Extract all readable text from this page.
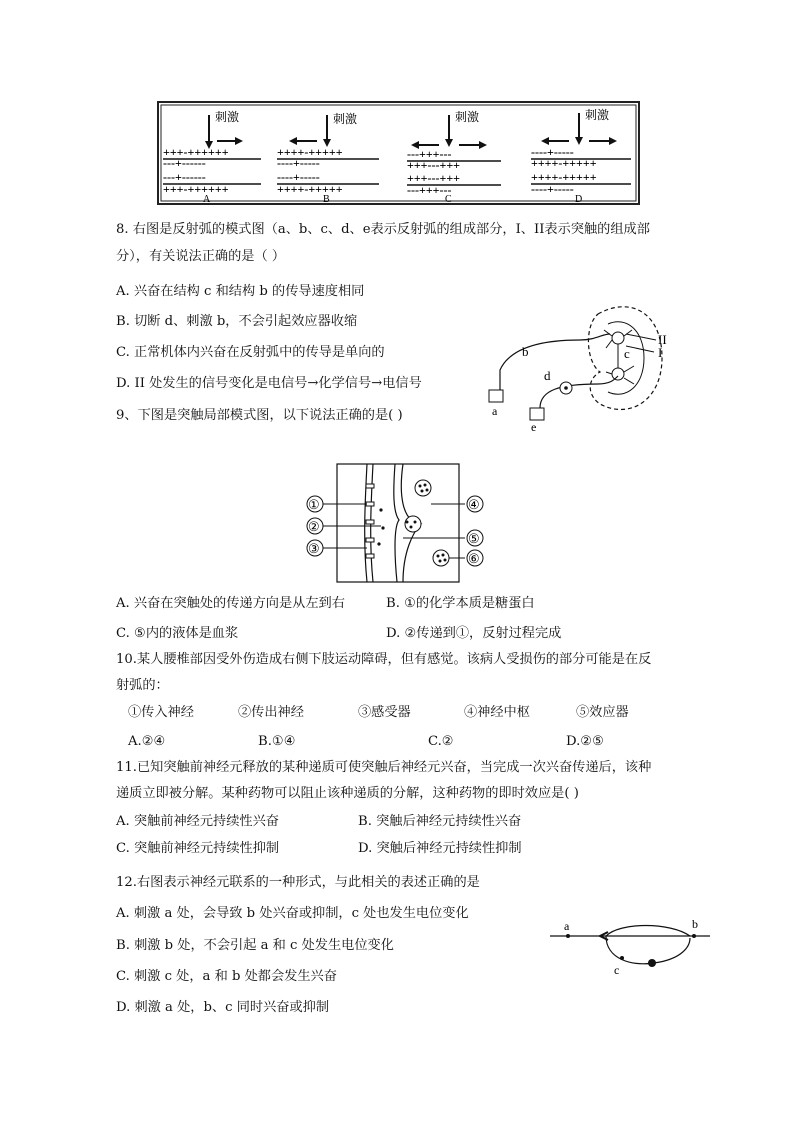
刺激
+++-++++++
---+------
---+------
+++-++++++
A
刺激
++++-+++++
----+-----
----+-----
++++-+++++
B
刺激
---+++---
+++---+++
+++---+++
---+++---
C
刺激
----+-----
++++-+++++
++++-+++++
----+-----
D
8. 右图是反射弧的模式图（a、b、c、d、e表示反射弧的组成部分，I、II表示突触的组成部
分），有关说法正确的是（ ）
A. 兴奋在结构 c 和结构 b 的传导速度相同
B. 切断 d、刺激 b，不会引起效应器收缩
C. 正常机体内兴奋在反射弧中的传导是单向的
D. II 处发生的信号变化是电信号→化学信号→电信号
II
I
c
b
a
d
e
9、下图是突触局部模式图，以下说法正确的是( )
①
②
③
④
⑤
⑥
A. 兴奋在突触处的传递方向是从左到右	B. ①的化学本质是糖蛋白
C. ⑤内的液体是血浆	D. ②传递到①，反射过程完成
10.某人腰椎部因受外伤造成右侧下肢运动障碍，但有感觉。该病人受损伤的部分可能是在反
射弧的：
①传入神经	②传出神经	③感受器	④神经中枢	⑤效应器
A.②④	B.①④	C.②	D.②⑤
11.已知突触前神经元释放的某种递质可使突触后神经元兴奋，当完成一次兴奋传递后，该种
递质立即被分解。某种药物可以阻止该种递质的分解，这种药物的即时效应是( )
A. 突触前神经元持续性兴奋	B. 突触后神经元持续性兴奋
C. 突触前神经元持续性抑制	D. 突触后神经元持续性抑制
12.右图表示神经元联系的一种形式，与此相关的表述正确的是
A. 刺激 a 处，会导致 b 处兴奋或抑制，c 处也发生电位变化
B. 刺激 b 处，不会引起 a 和 c 处发生电位变化
C. 刺激 c 处，a 和 b 处都会发生兴奋
D. 刺激 a 处，b、c 同时兴奋或抑制
a	b
c
